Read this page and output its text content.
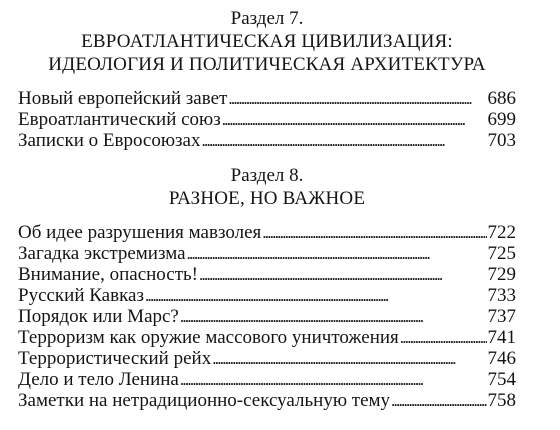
Раздел 7.

ЕВРОАТЛАНТИЧЕСКАЯ ЦИВИЛИЗАЦИЯ:

ИДЕОЛОГИЯ И ПОЛИТИЧЕСКАЯ АРХИТЕКТУРА

Новый европейский завет . . .	686
Евроатлантический союз . . .	699
Записки о Евросоюзах . . .	703

Раздел 8.

РАЗНОЕ, НО ВАЖНОЕ

Об идее разрушения мавзолея . . .	722
Загадка экстремизма . . .	725
Внимание, опасность! . . .	729
Русский Кавказ . . .	733
Порядок или Марс? . . .	737
Терроризм как оружие массового уничтожения . . .	741
Террористический рейх . . .	746
Дело и тело Ленина . . .	754
Заметки на нетрадиционно-сексуальную тему . . .	758
